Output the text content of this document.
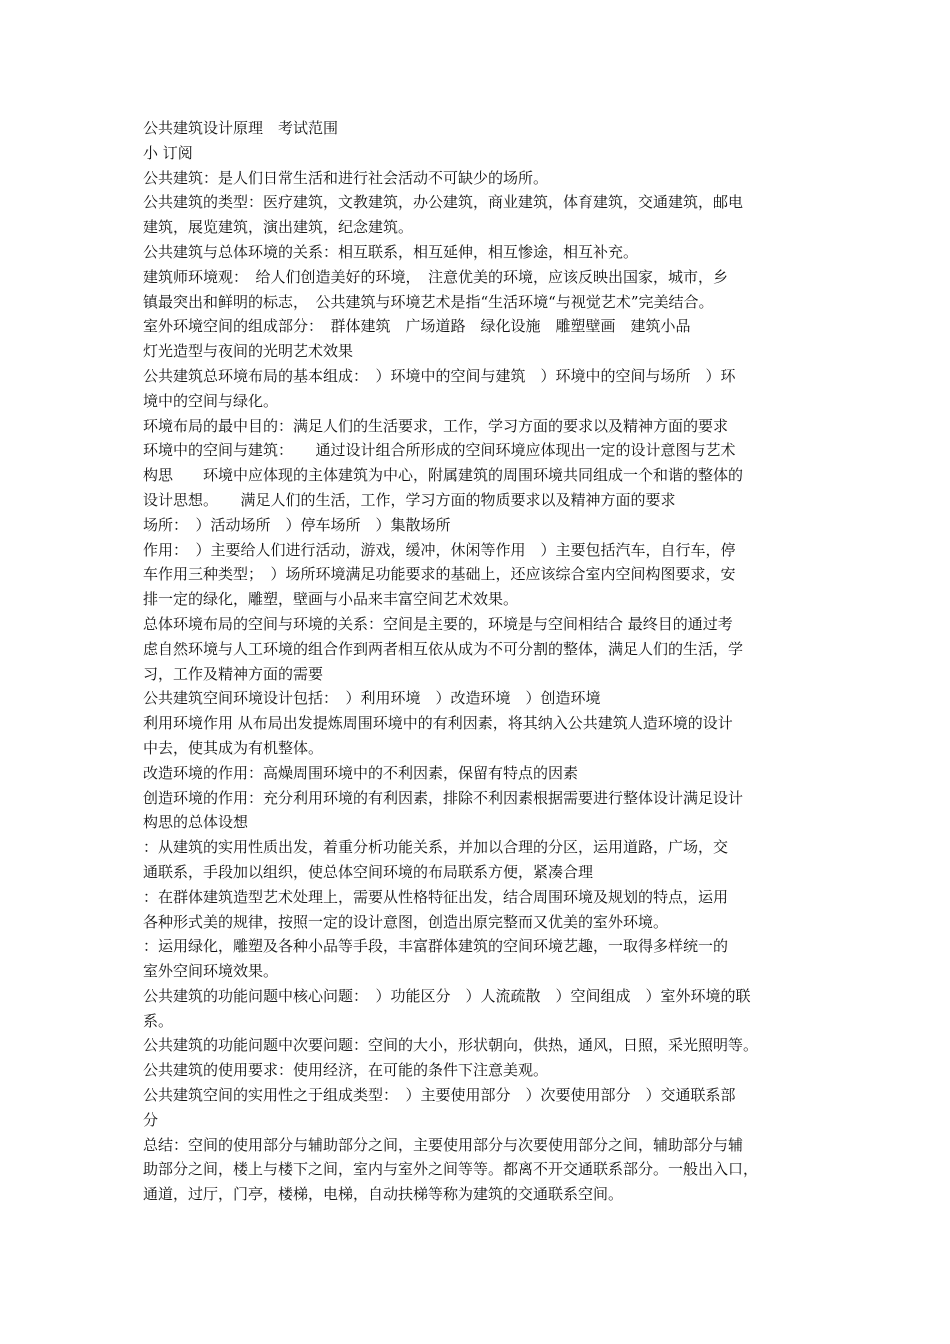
公共建筑设计原理　考试范围
小 订阅
公共建筑：是人们日常生活和进行社会活动不可缺少的场所。
公共建筑的类型：医疗建筑，文教建筑，办公建筑，商业建筑，体育建筑，交通建筑，邮电
建筑，展览建筑，演出建筑，纪念建筑。
公共建筑与总体环境的关系：相互联系，相互延伸，相互惨途，相互补充。
建筑师环境观：　给人们创造美好的环境，　注意优美的环境，应该反映出国家，城市，乡
镇最突出和鲜明的标志，　公共建筑与环境艺术是指“生活环境“与视觉艺术”完美结合。
室外环境空间的组成部分：　群体建筑　广场道路　绿化设施　雕塑壁画　建筑小品
灯光造型与夜间的光明艺术效果
公共建筑总环境布局的基本组成：　）环境中的空间与建筑　）环境中的空间与场所　）环
境中的空间与绿化。
环境布局的最中目的：满足人们的生活要求，工作，学习方面的要求以及精神方面的要求
环境中的空间与建筑：　　通过设计组合所形成的空间环境应体现出一定的设计意图与艺术
构思　　环境中应体现的主体建筑为中心，附属建筑的周围环境共同组成一个和谐的整体的
设计思想。　　满足人们的生活，工作，学习方面的物质要求以及精神方面的要求
场所：　）活动场所　）停车场所　）集散场所
作用：　）主要给人们进行活动，游戏，缓冲，休闲等作用　）主要包括汽车，自行车，停
车作用三种类型；　）场所环境满足功能要求的基础上，还应该综合室内空间构图要求，安
排一定的绿化，雕塑，壁画与小品来丰富空间艺术效果。
总体环境布局的空间与环境的关系：空间是主要的，环境是与空间相结合 最终目的通过考
虑自然环境与人工环境的组合作到两者相互依从成为不可分割的整体，满足人们的生活，学
习，工作及精神方面的需要
公共建筑空间环境设计包括：　）利用环境　）改造环境　）创造环境
利用环境作用 从布局出发提炼周围环境中的有利因素，将其纳入公共建筑人造环境的设计
中去，使其成为有机整体。
改造环境的作用：高燥周围环境中的不利因素，保留有特点的因素
创造环境的作用：充分利用环境的有利因素，排除不利因素根据需要进行整体设计满足设计
构思的总体设想
：从建筑的实用性质出发，着重分析功能关系，并加以合理的分区，运用道路，广场，交
通联系，手段加以组织，使总体空间环境的布局联系方便，紧凑合理
：在群体建筑造型艺术处理上，需要从性格特征出发，结合周围环境及规划的特点，运用
各种形式美的规律，按照一定的设计意图，创造出原完整而又优美的室外环境。
：运用绿化，雕塑及各种小品等手段，丰富群体建筑的空间环境艺趣，一取得多样统一的
室外空间环境效果。
公共建筑的功能问题中核心问题：　）功能区分　）人流疏散　）空间组成　）室外环境的联
系。
公共建筑的功能问题中次要问题：空间的大小，形状朝向，供热，通风，日照，采光照明等。
公共建筑的使用要求：使用经济，在可能的条件下注意美观。
公共建筑空间的实用性之于组成类型：　）主要使用部分　）次要使用部分　）交通联系部
分
总结：空间的使用部分与辅助部分之间，主要使用部分与次要使用部分之间，辅助部分与辅
助部分之间，楼上与楼下之间，室内与室外之间等等。都离不开交通联系部分。一般出入口，
通道，过厅，门亭，楼梯，电梯，自动扶梯等称为建筑的交通联系空间。
